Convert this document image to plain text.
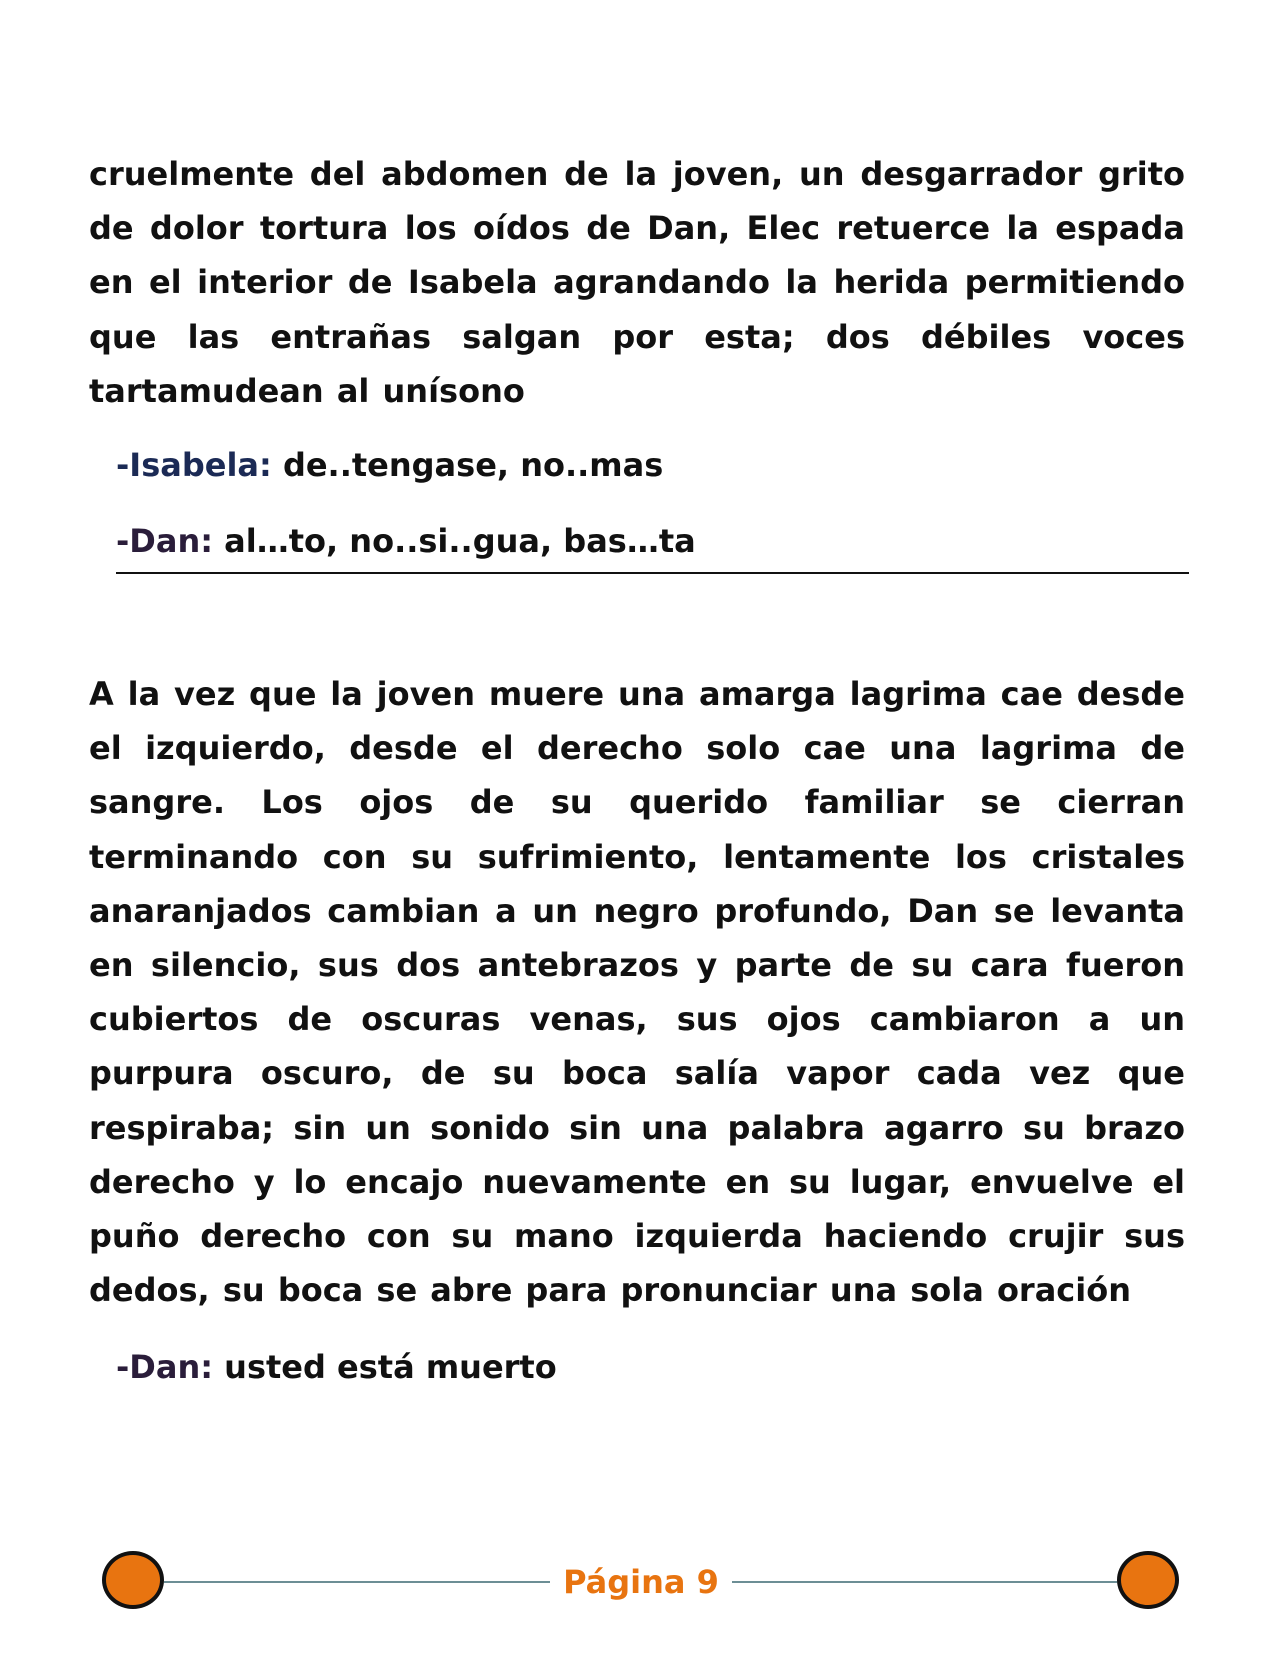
cruelmente del abdomen de la joven, un desgarrador grito de dolor tortura los oídos de Dan, Elec retuerce la espada en el interior de Isabela agrandando la herida permitiendo que las entrañas salgan por esta; dos débiles voces tartamudean al unísono

-Isabela: de..tengase, no..mas

-Dan: al…to, no..si..gua, bas…ta

A la vez que la joven muere una amarga lagrima cae desde el izquierdo, desde el derecho solo cae una lagrima de sangre. Los ojos de su querido familiar se cierran terminando con su sufrimiento, lentamente los cristales anaranjados cambian a un negro profundo, Dan se levanta en silencio, sus dos antebrazos y parte de su cara fueron cubiertos de oscuras venas, sus ojos cambiaron a un purpura oscuro, de su boca salía vapor cada vez que respiraba; sin un sonido sin una palabra agarro su brazo derecho y lo encajo nuevamente en su lugar, envuelve el puño derecho con su mano izquierda haciendo crujir sus dedos, su boca se abre para pronunciar una sola oración

-Dan: usted está muerto

Página 9
